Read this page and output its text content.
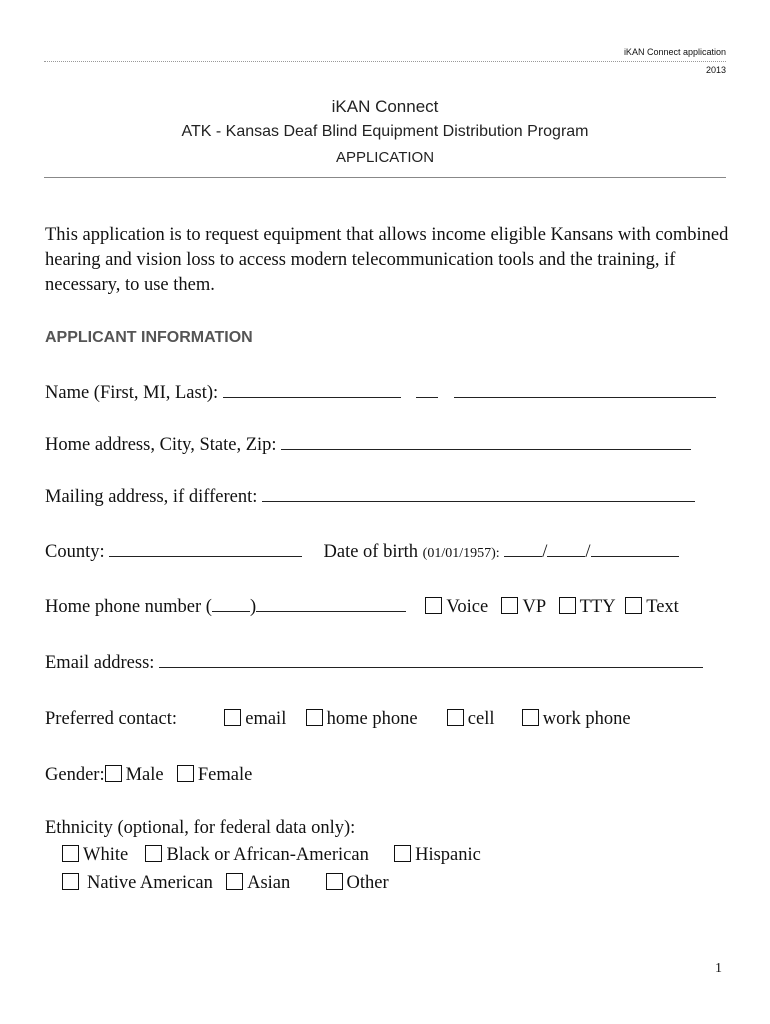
iKAN Connect application
2013
iKAN Connect
ATK - Kansas Deaf Blind Equipment Distribution Program
APPLICATION
This application is to request equipment that allows income eligible Kansans with combined hearing and vision loss to access modern telecommunication tools and the training, if necessary, to use them.
APPLICANT INFORMATION
Name (First, MI, Last):
Home address, City, State, Zip:
Mailing address, if different:
County:	Date of birth (01/01/1957): / /
Home phone number ( )	Voice VP TTY Text
Email address:
Preferred contact:	email home phone	cell	work phone
Gender: Male Female
Ethnicity (optional, for federal data only):
White Black or African-American	Hispanic
Native American Asian	Other
1
